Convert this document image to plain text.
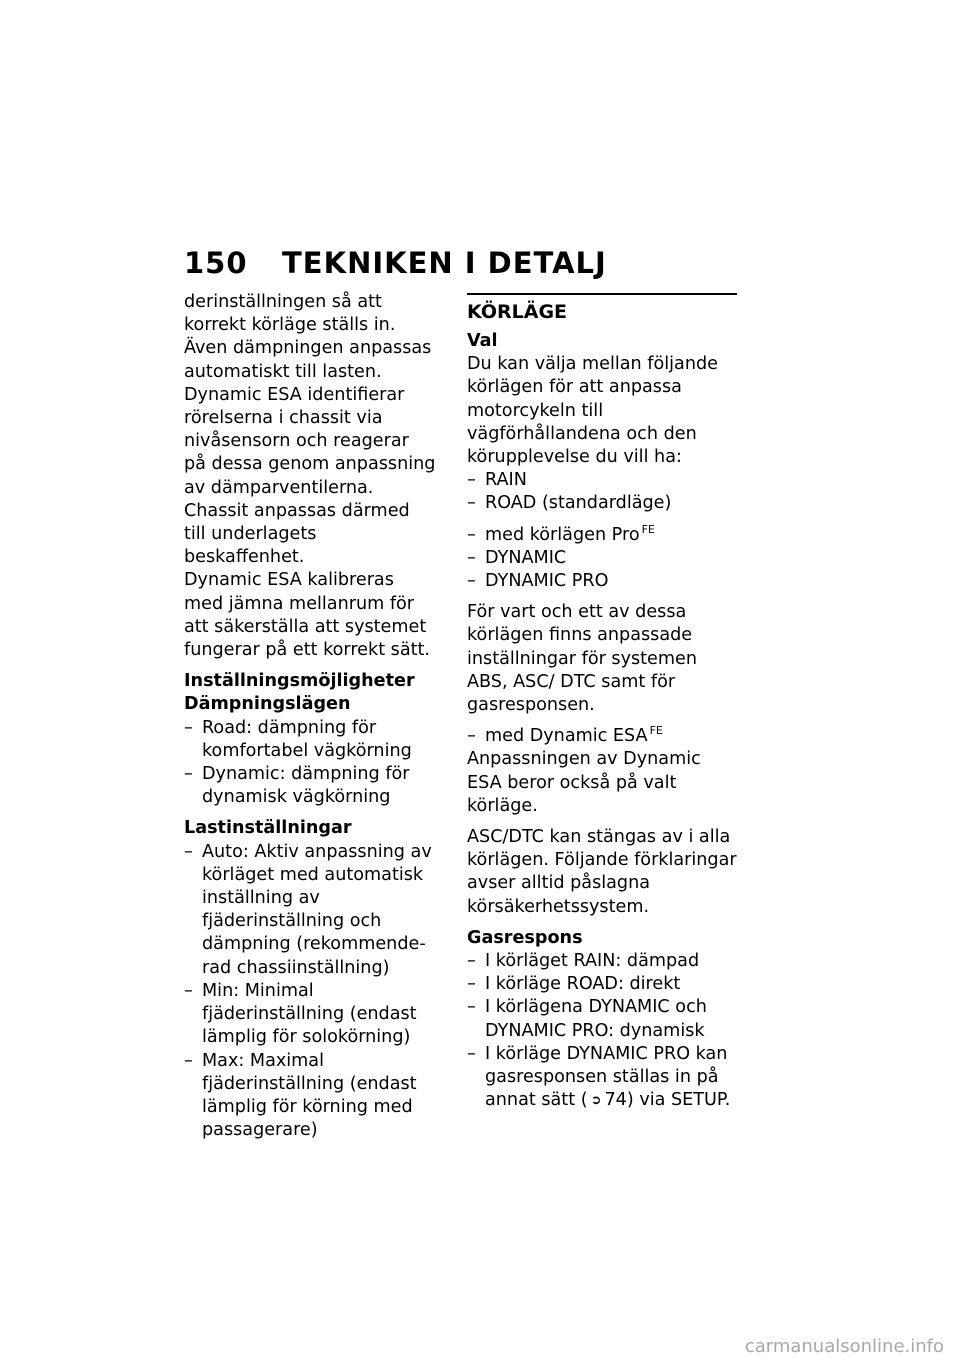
150	TEKNIKEN I DETALJ

derinställningen så att korrekt körläge ställs in. Även dämpningen anpassas automatiskt till lasten.

Dynamic ESA identifierar rörelserna i chassit via nivåsensorn och reagerar på dessa genom anpassning av dämparventilerna. Chassit anpassas därmed till underlagets beskaffenhet.

Dynamic ESA kalibreras med jämna mellanrum för att säkerställa att systemet fungerar på ett korrekt sätt.

Inställningsmöjligheter

Dämpningslägen

– Road: dämpning för komfortabel vägkörning
– Dynamic: dämpning för dynamisk vägkörning

Lastinställningar

– Auto: Aktiv anpassning av körläget med automatisk inställning av fjäderinställning och dämpning (rekommenderad chassiinställning)
– Min: Minimal fjäderinställning (endast lämplig för solokörning)
– Max: Maximal fjäderinställning (endast lämplig för körning med passagerare)

KÖRLÄGE

Val

Du kan välja mellan följande körlägen för att anpassa motorcykeln till vägförhållandena och den körupplevelse du vill ha:

– RAIN
– ROAD (standardläge)
– med körlägen Pro $^{FE}$
– DYNAMIC
– DYNAMIC PRO

För vart och ett av dessa körlägen finns anpassade inställningar för systemen ABS, ASC/ DTC samt för gasresponsen.

– med Dynamic ESA $^{FE}$

Anpassningen av Dynamic ESA beror också på valt körläge.

ASC/DTC kan stängas av i alla körlägen. Följande förklaringar avser alltid påslagna körsäkerhetssystem.

Gasrespons

– I körläget RAIN: dämpad
– I körläge ROAD: direkt
– I körlägena DYNAMIC och DYNAMIC PRO: dynamisk
– I körläge DYNAMIC PRO kan gasresponsen ställas in på annat sätt ( ➲ 74) via SETUP.
carmanualsonline.info
